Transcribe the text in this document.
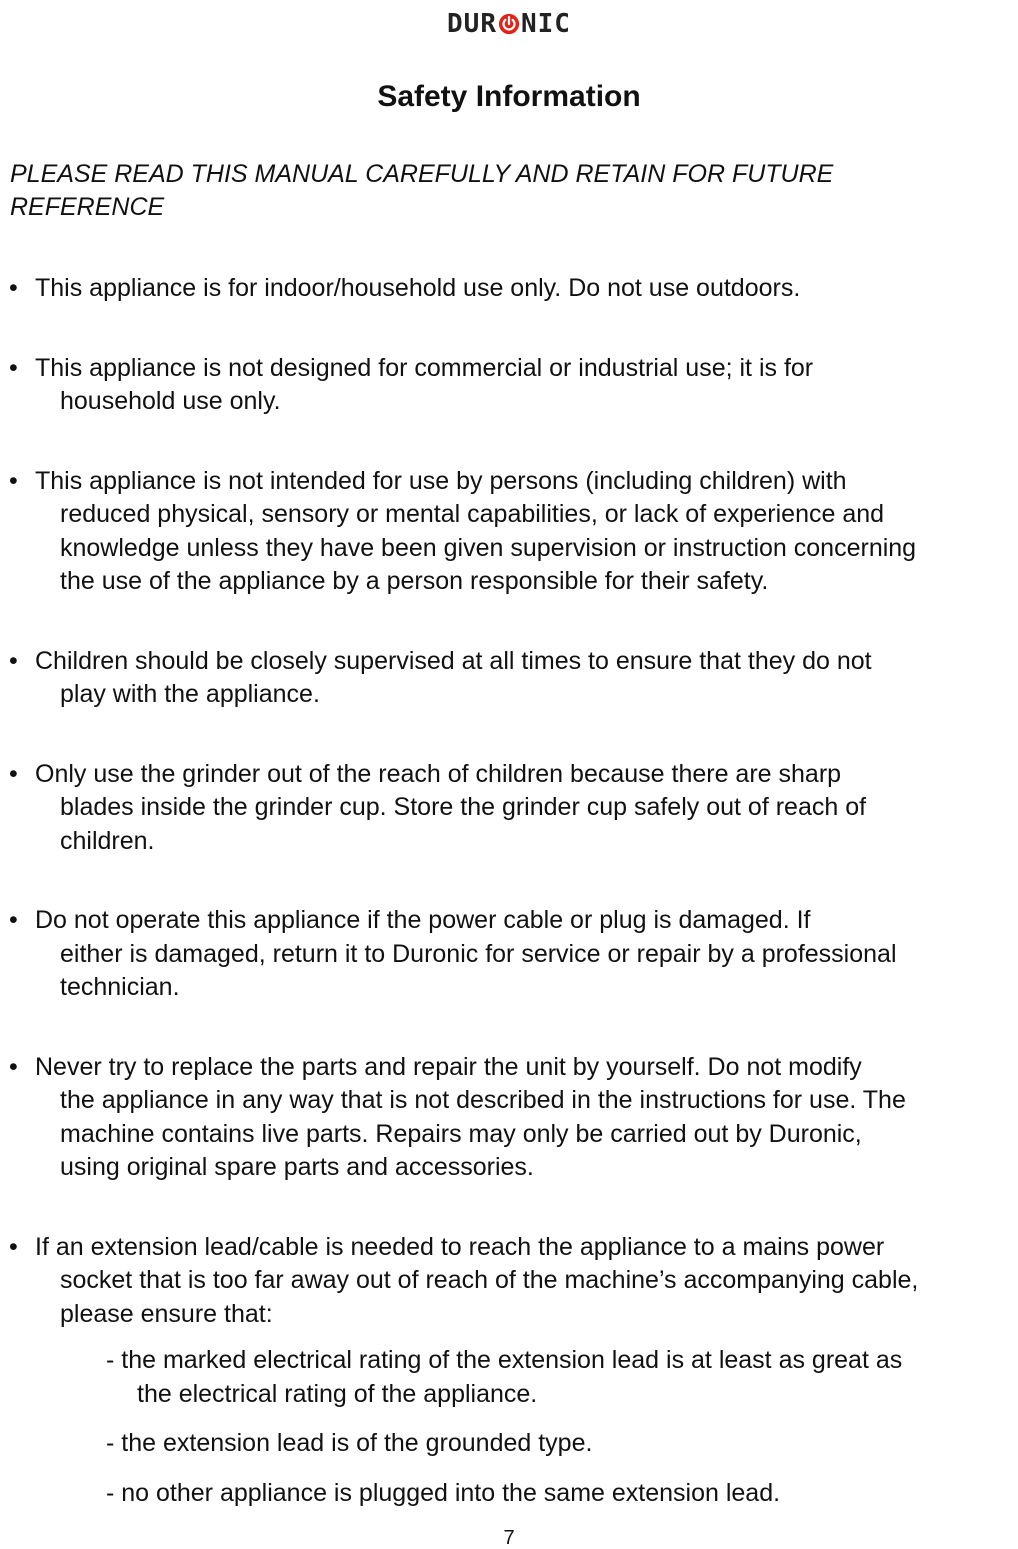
DUR NIC
Safety Information
PLEASE READ THIS MANUAL CAREFULLY AND RETAIN FOR FUTURE
REFERENCE
• This appliance is for indoor/household use only. Do not use outdoors.
• This appliance is not designed for commercial or industrial use; it is for
household use only.
• This appliance is not intended for use by persons (including children) with
reduced physical, sensory or mental capabilities, or lack of experience and
knowledge unless they have been given supervision or instruction concerning
the use of the appliance by a person responsible for their safety.
• Children should be closely supervised at all times to ensure that they do not
play with the appliance.
• Only use the grinder out of the reach of children because there are sharp
blades inside the grinder cup. Store the grinder cup safely out of reach of
children.
• Do not operate this appliance if the power cable or plug is damaged. If
either is damaged, return it to Duronic for service or repair by a professional
technician.
• Never try to replace the parts and repair the unit by yourself. Do not modify
the appliance in any way that is not described in the instructions for use. The
machine contains live parts. Repairs may only be carried out by Duronic,
using original spare parts and accessories.
• If an extension lead/cable is needed to reach the appliance to a mains power
socket that is too far away out of reach of the machine’s accompanying cable,
please ensure that:
- the marked electrical rating of the extension lead is at least as great as
the electrical rating of the appliance.
- the extension lead is of the grounded type.
- no other appliance is plugged into the same extension lead.
7
